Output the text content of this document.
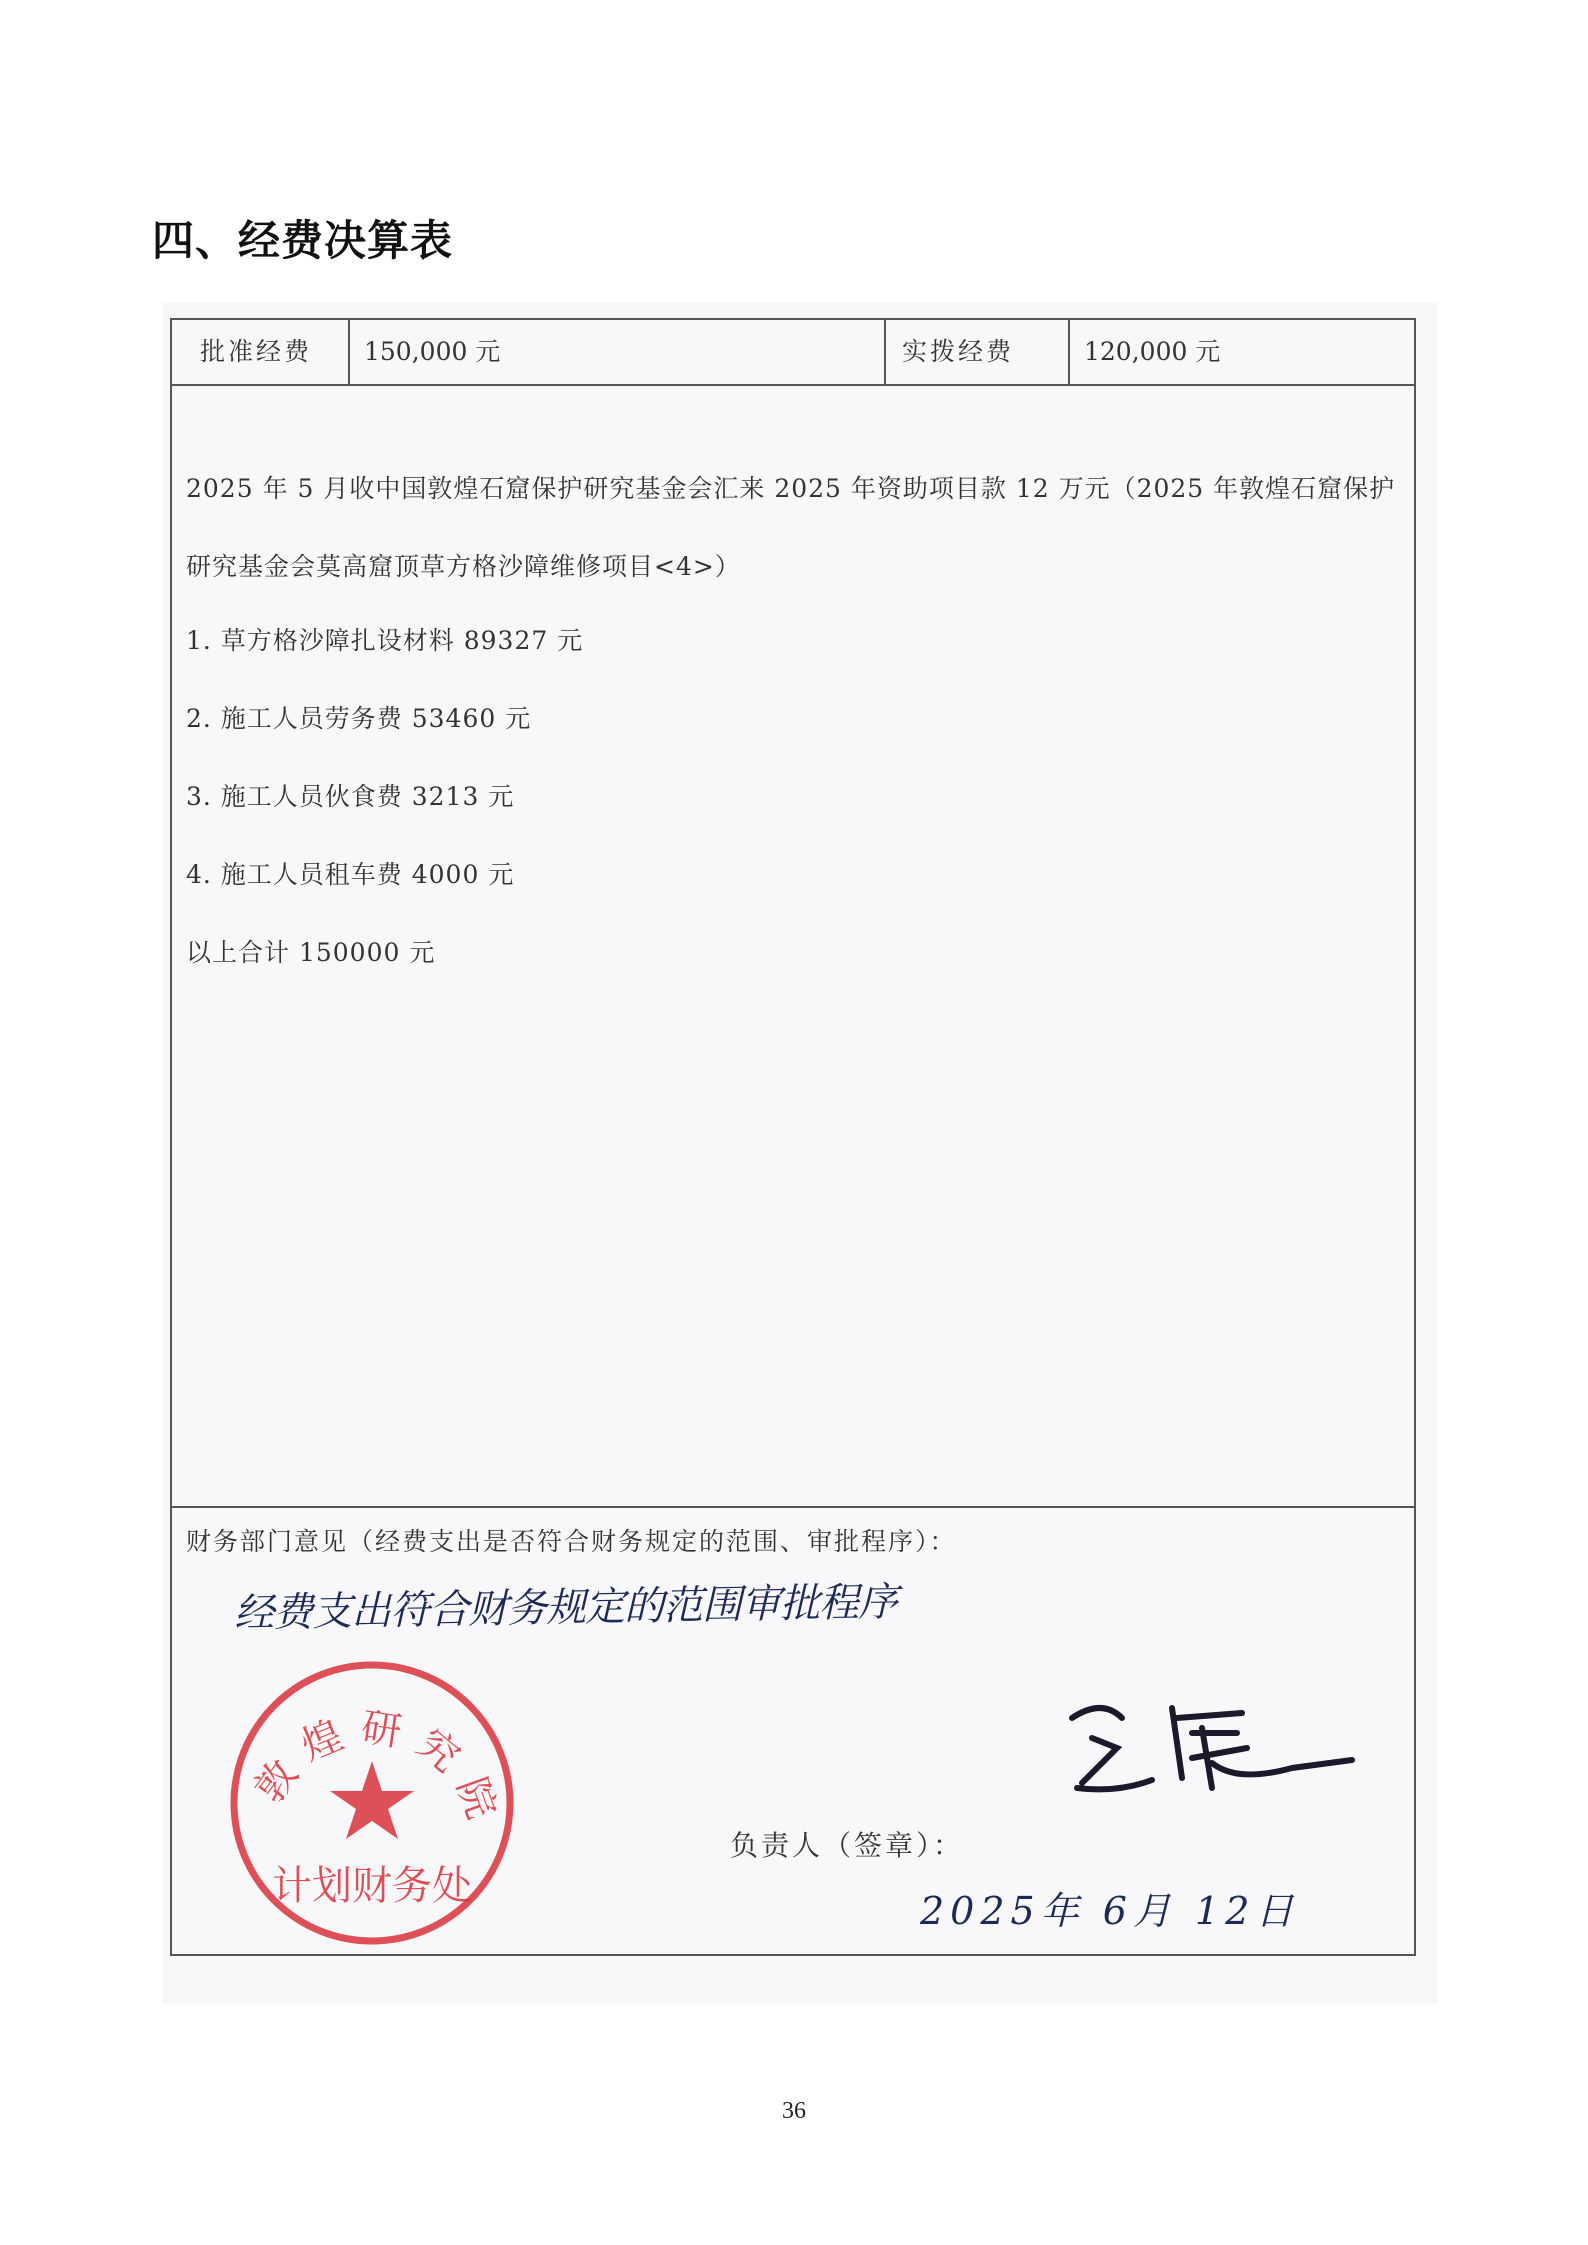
四、经费决算表
批准经费	150,000 元	实拨经费	120,000 元
2025 年 5 月收中国敦煌石窟保护研究基金会汇来 2025 年资助项目款 12 万元（2025 年敦煌石窟保护研究基金会莫高窟顶草方格沙障维修项目<4>）
1. 草方格沙障扎设材料 89327 元
2. 施工人员劳务费 53460 元
3. 施工人员伙食费 3213 元
4. 施工人员租车费 4000 元
以上合计 150000 元
财务部门意见（经费支出是否符合财务规定的范围、审批程序）：
经费支出符合财务规定的范围审批程序
敦煌研究院
计划财务处
负责人（签章）：
2025年 6月 12日
36
